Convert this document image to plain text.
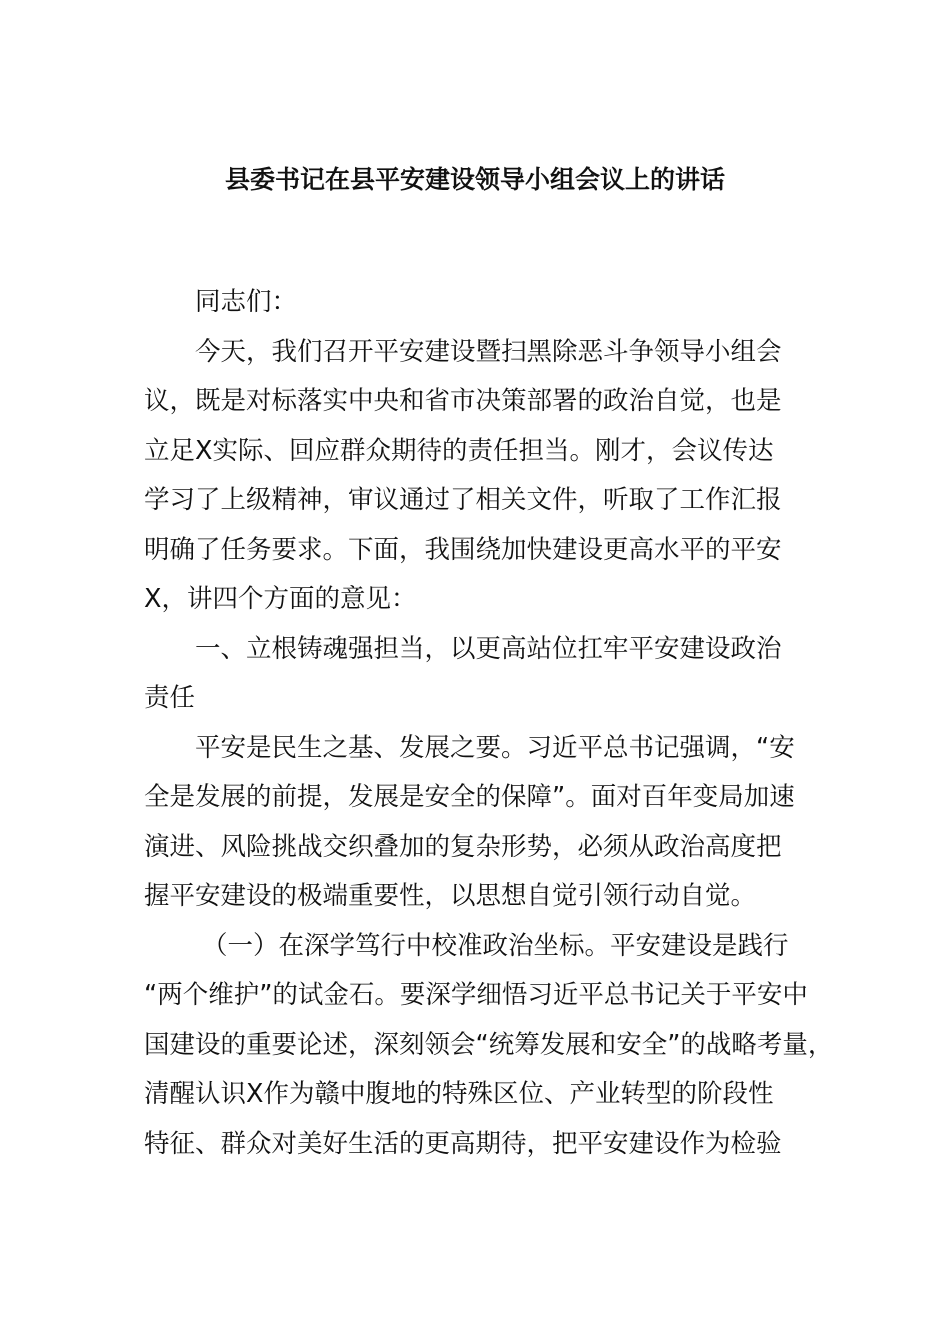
县委书记在县平安建设领导小组会议上的讲话
同志们：
今天，我们召开平安建设暨扫黑除恶斗争领导小组会
议，既是对标落实中央和省市决策部署的政治自觉，也是
立足X实际、回应群众期待的责任担当。刚才，会议传达
学习了上级精神，审议通过了相关文件，听取了工作汇报
明确了任务要求。下面，我围绕加快建设更高水平的平安
X，讲四个方面的意见：
一、立根铸魂强担当，以更高站位扛牢平安建设政治
责任
平安是民生之基、发展之要。习近平总书记强调，“安
全是发展的前提，发展是安全的保障”。面对百年变局加速
演进、风险挑战交织叠加的复杂形势，必须从政治高度把
握平安建设的极端重要性，以思想自觉引领行动自觉。
（一）在深学笃行中校准政治坐标。平安建设是践行
“两个维护”的试金石。要深学细悟习近平总书记关于平安中
国建设的重要论述，深刻领会“统筹发展和安全”的战略考量，
清醒认识X作为赣中腹地的特殊区位、产业转型的阶段性
特征、群众对美好生活的更高期待，把平安建设作为检验
